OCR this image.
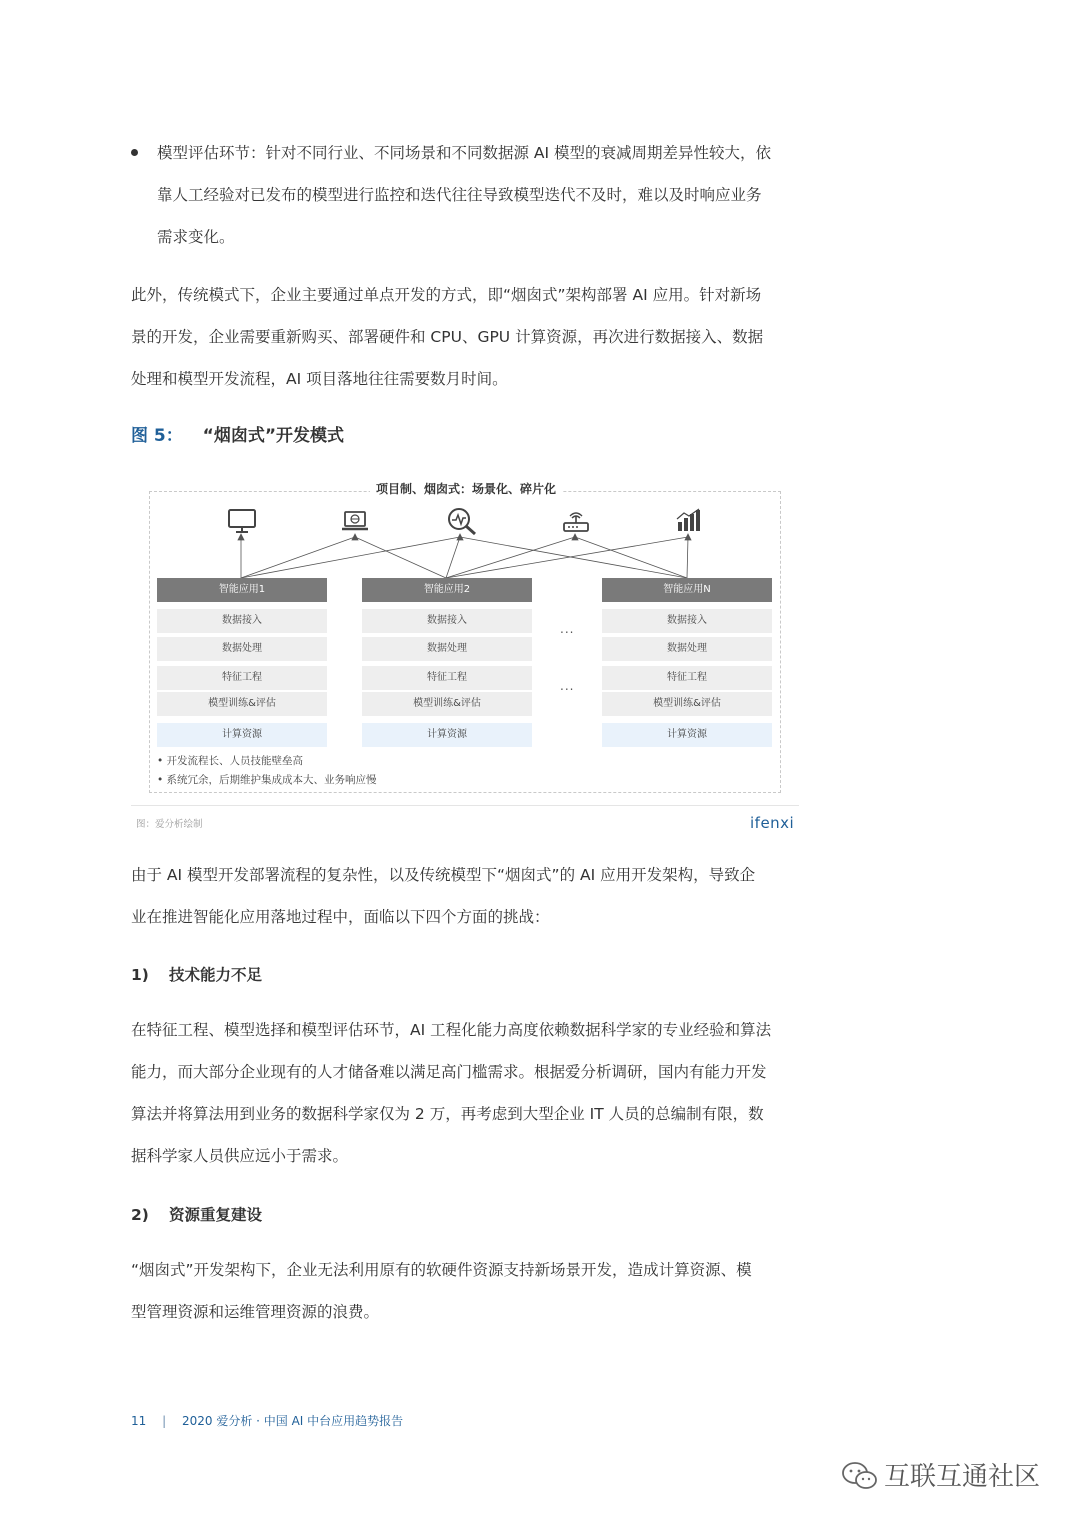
模型评估环节：针对不同行业、不同场景和不同数据源 AI 模型的衰减周期差异性较大，依
靠人工经验对已发布的模型进行监控和迭代往往导致模型迭代不及时，难以及时响应业务
需求变化。
此外，传统模式下，企业主要通过单点开发的方式，即“烟囱式”架构部署 AI 应用。针对新场
景的开发，企业需要重新购买、部署硬件和 CPU、GPU 计算资源，再次进行数据接入、数据
处理和模型开发流程，AI 项目落地往往需要数月时间。
图 5： “烟囱式”开发模式
项目制、烟囱式：场景化、碎片化
智能应用1
数据接入
数据处理
特征工程
模型训练&评估
计算资源
智能应用2
数据接入
数据处理
特征工程
模型训练&评估
计算资源
...
...
智能应用N
数据接入
数据处理
特征工程
模型训练&评估
计算资源
• 开发流程长、人员技能壁垒高
• 系统冗余，后期维护集成成本大、业务响应慢
图：爱分析绘制	ifenxi
由于 AI 模型开发部署流程的复杂性，以及传统模型下“烟囱式”的 AI 应用开发架构，导致企
业在推进智能化应用落地过程中，面临以下四个方面的挑战：
1) 技术能力不足
在特征工程、模型选择和模型评估环节，AI 工程化能力高度依赖数据科学家的专业经验和算法
能力，而大部分企业现有的人才储备难以满足高门槛需求。根据爱分析调研，国内有能力开发
算法并将算法用到业务的数据科学家仅为 2 万，再考虑到大型企业 IT 人员的总编制有限，数
据科学家人员供应远小于需求。
2) 资源重复建设
“烟囱式”开发架构下，企业无法利用原有的软硬件资源支持新场景开发，造成计算资源、模
型管理资源和运维管理资源的浪费。
11 | 2020 爱分析 · 中国 AI 中台应用趋势报告
互联互通社区
